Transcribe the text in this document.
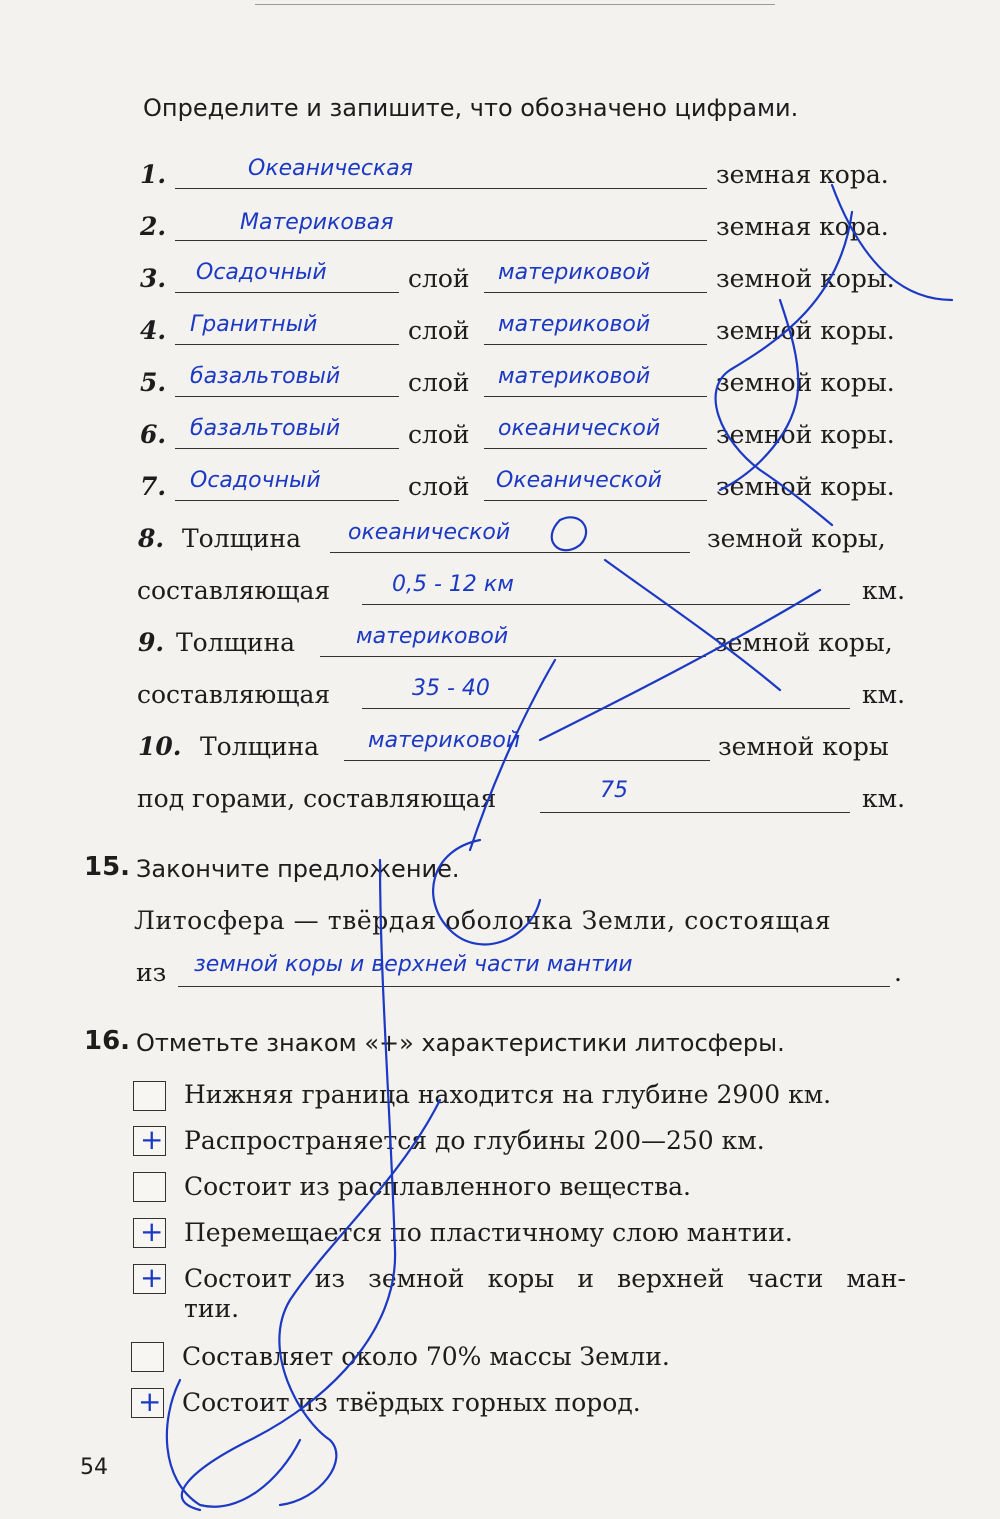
Определите и запишите, что обозначено цифрами.
1.	Океаническая	земная кора.
2.	Материковая	земная кора.
3. Осадочный	слой материковой	земной коры.
4. Гранитный	слой материковой	земной коры.
5. базальтовый	слой материковой	земной коры.
6. базальтовый	слой океанической земной коры.
7. Осадочный	слой Океанической земной коры.
8. Толщина океанической	земной коры,
составляющая	0,5 - 12 км	км.
9. Толщина	материковой	земной коры,
составляющая	35 - 40	км.
10. Толщина материковой	земной коры
под горами, составляющая	75	км.
15. Закончите предложение.
Литосфера — твёрдая оболочка Земли, состоящая
из земной коры и верхней части мантии	.
16. Отметьте знаком «+» характеристики литосферы.
Нижняя граница находится на глубине 2900 км.
+ Распространяется до глубины 200—250 км.
Состоит из расплавленного вещества.
+ Перемещается по пластичному слою мантии.
+ Состоит из земной коры и верхней части ман-
тии.
Составляет около 70% массы Земли.
+ Состоит из твёрдых горных пород.
54
